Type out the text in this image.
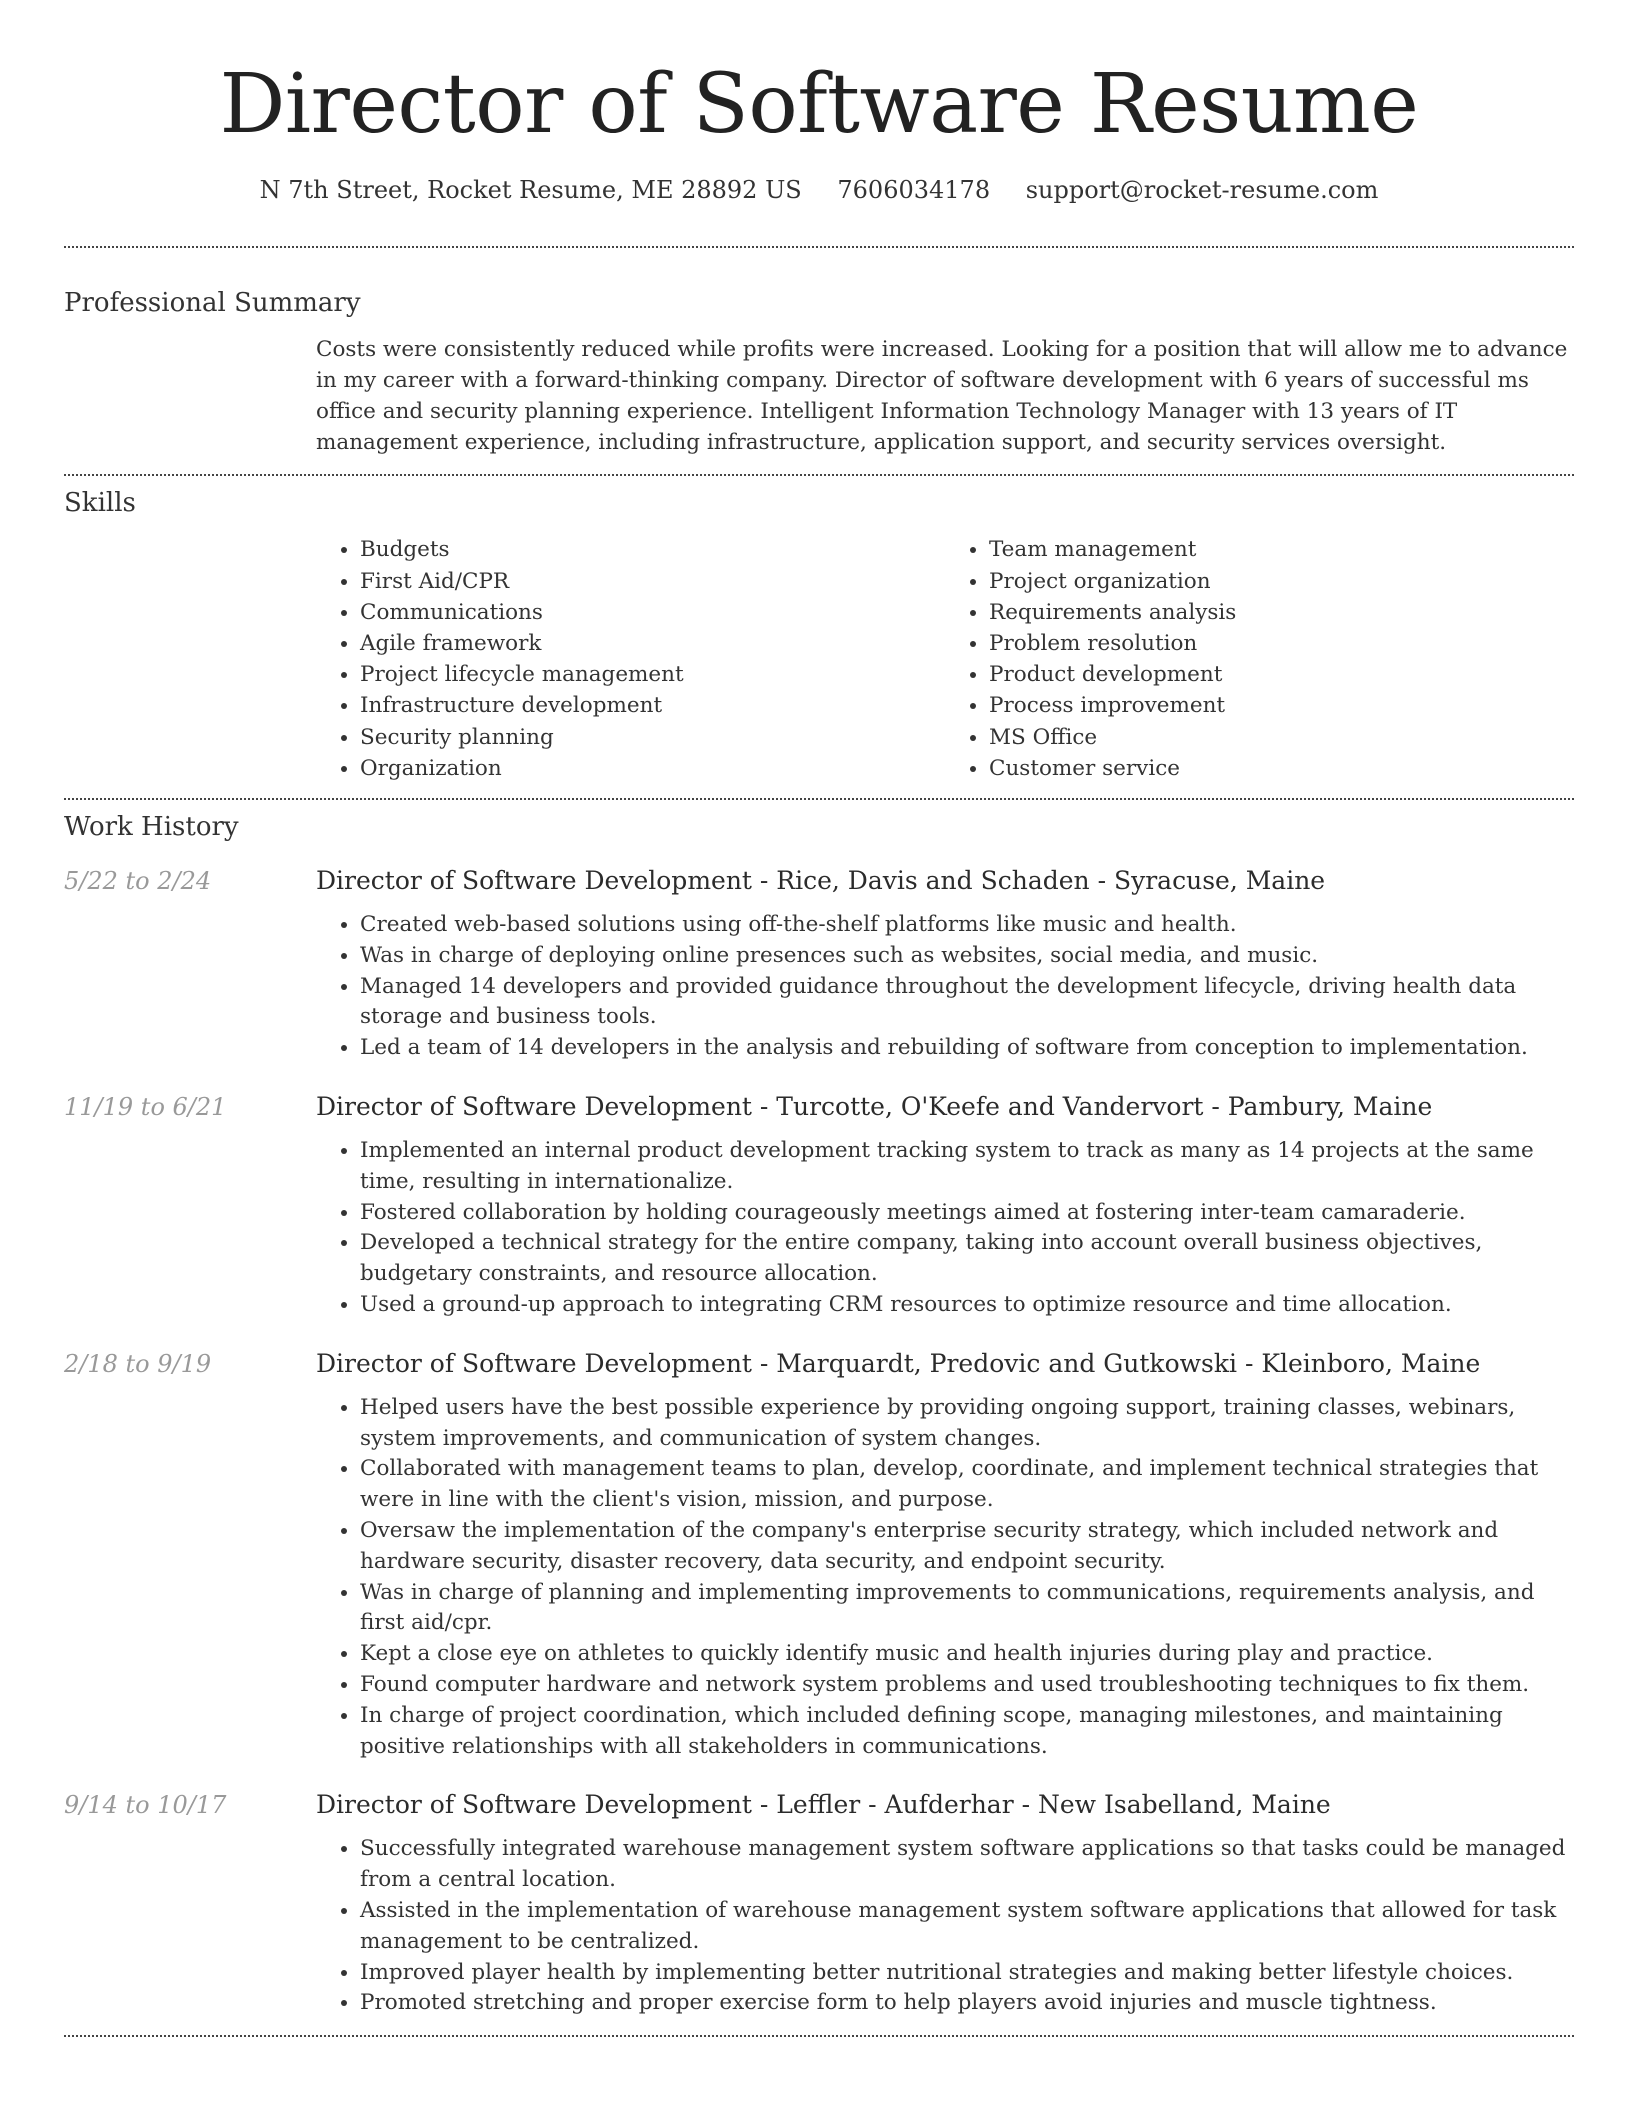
Director of Software Resume
N 7th Street, Rocket Resume, ME 28892 US 7606034178 support@rocket-resume.com
Professional Summary

Costs were consistently reduced while profits were increased. Looking for a position that will allow me to advance in my career with a forward-thinking company. Director of software development with 6 years of successful ms office and security planning experience. Intelligent Information Technology Manager with 13 years of IT management experience, including infrastructure, application support, and security services oversight.

Skills
• Budgets
• First Aid/CPR
• Communications
• Agile framework
• Project lifecycle management
• Infrastructure development
• Security planning
• Organization
• Team management
• Project organization
• Requirements analysis
• Problem resolution
• Product development
• Process improvement
• MS Office
• Customer service
Work History
5/22 to 2/24	Director of Software Development - Rice, Davis and Schaden - Syracuse, Maine
• Created web-based solutions using off-the-shelf platforms like music and health.
• Was in charge of deploying online presences such as websites, social media, and music.
• Managed 14 developers and provided guidance throughout the development lifecycle, driving health data storage and business tools.
• Led a team of 14 developers in the analysis and rebuilding of software from conception to implementation.
11/19 to 6/21	Director of Software Development - Turcotte, O'Keefe and Vandervort - Pambury, Maine
• Implemented an internal product development tracking system to track as many as 14 projects at the same time, resulting in internationalize.
• Fostered collaboration by holding courageously meetings aimed at fostering inter-team camaraderie.
• Developed a technical strategy for the entire company, taking into account overall business objectives, budgetary constraints, and resource allocation.
• Used a ground-up approach to integrating CRM resources to optimize resource and time allocation.
2/18 to 9/19	Director of Software Development - Marquardt, Predovic and Gutkowski - Kleinboro, Maine
• Helped users have the best possible experience by providing ongoing support, training classes, webinars, system improvements, and communication of system changes.
• Collaborated with management teams to plan, develop, coordinate, and implement technical strategies that were in line with the client's vision, mission, and purpose.
• Oversaw the implementation of the company's enterprise security strategy, which included network and hardware security, disaster recovery, data security, and endpoint security.
• Was in charge of planning and implementing improvements to communications, requirements analysis, and first aid/cpr.
• Kept a close eye on athletes to quickly identify music and health injuries during play and practice.
• Found computer hardware and network system problems and used troubleshooting techniques to fix them.
• In charge of project coordination, which included defining scope, managing milestones, and maintaining positive relationships with all stakeholders in communications.
9/14 to 10/17	Director of Software Development - Leffler - Aufderhar - New Isabelland, Maine
• Successfully integrated warehouse management system software applications so that tasks could be managed from a central location.
• Assisted in the implementation of warehouse management system software applications that allowed for task management to be centralized.
• Improved player health by implementing better nutritional strategies and making better lifestyle choices.
• Promoted stretching and proper exercise form to help players avoid injuries and muscle tightness.
